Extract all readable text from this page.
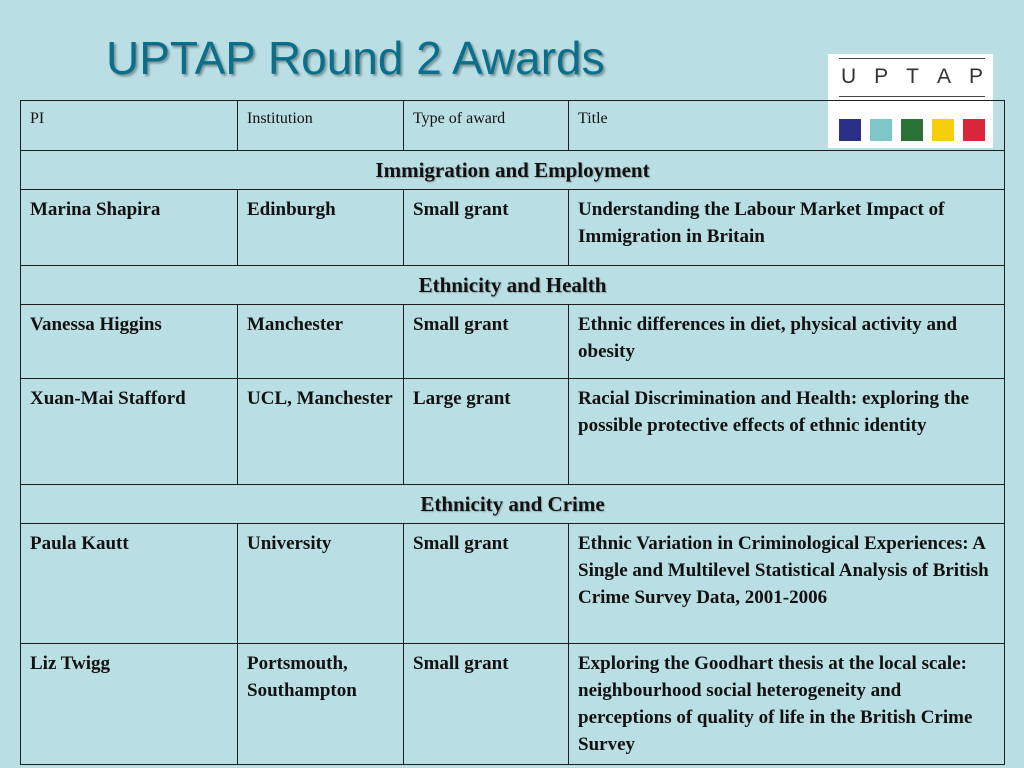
UPTAP Round 2 Awards	U P T A P
PI	Institution	Type of award	Title
Immigration and Employment			
Marina Shapira	Edinburgh	Small grant	Understanding the Labour Market Impact of Immigration in Britain
Ethnicity and Health			
Vanessa Higgins	Manchester	Small grant	Ethnic differences in diet, physical activity and obesity
Xuan-Mai Stafford	UCL, Manchester	Large grant	Racial Discrimination and Health: exploring the possible protective effects of ethnic identity
Ethnicity and Crime			
Paula Kautt	University	Small grant	Ethnic Variation in Criminological Experiences: A Single and Multilevel Statistical Analysis of British Crime Survey Data, 2001-2006
Liz Twigg	Portsmouth, Southampton	Small grant	Exploring the Goodhart thesis at the local scale: neighbourhood social heterogeneity and perceptions of quality of life in the British Crime Survey
